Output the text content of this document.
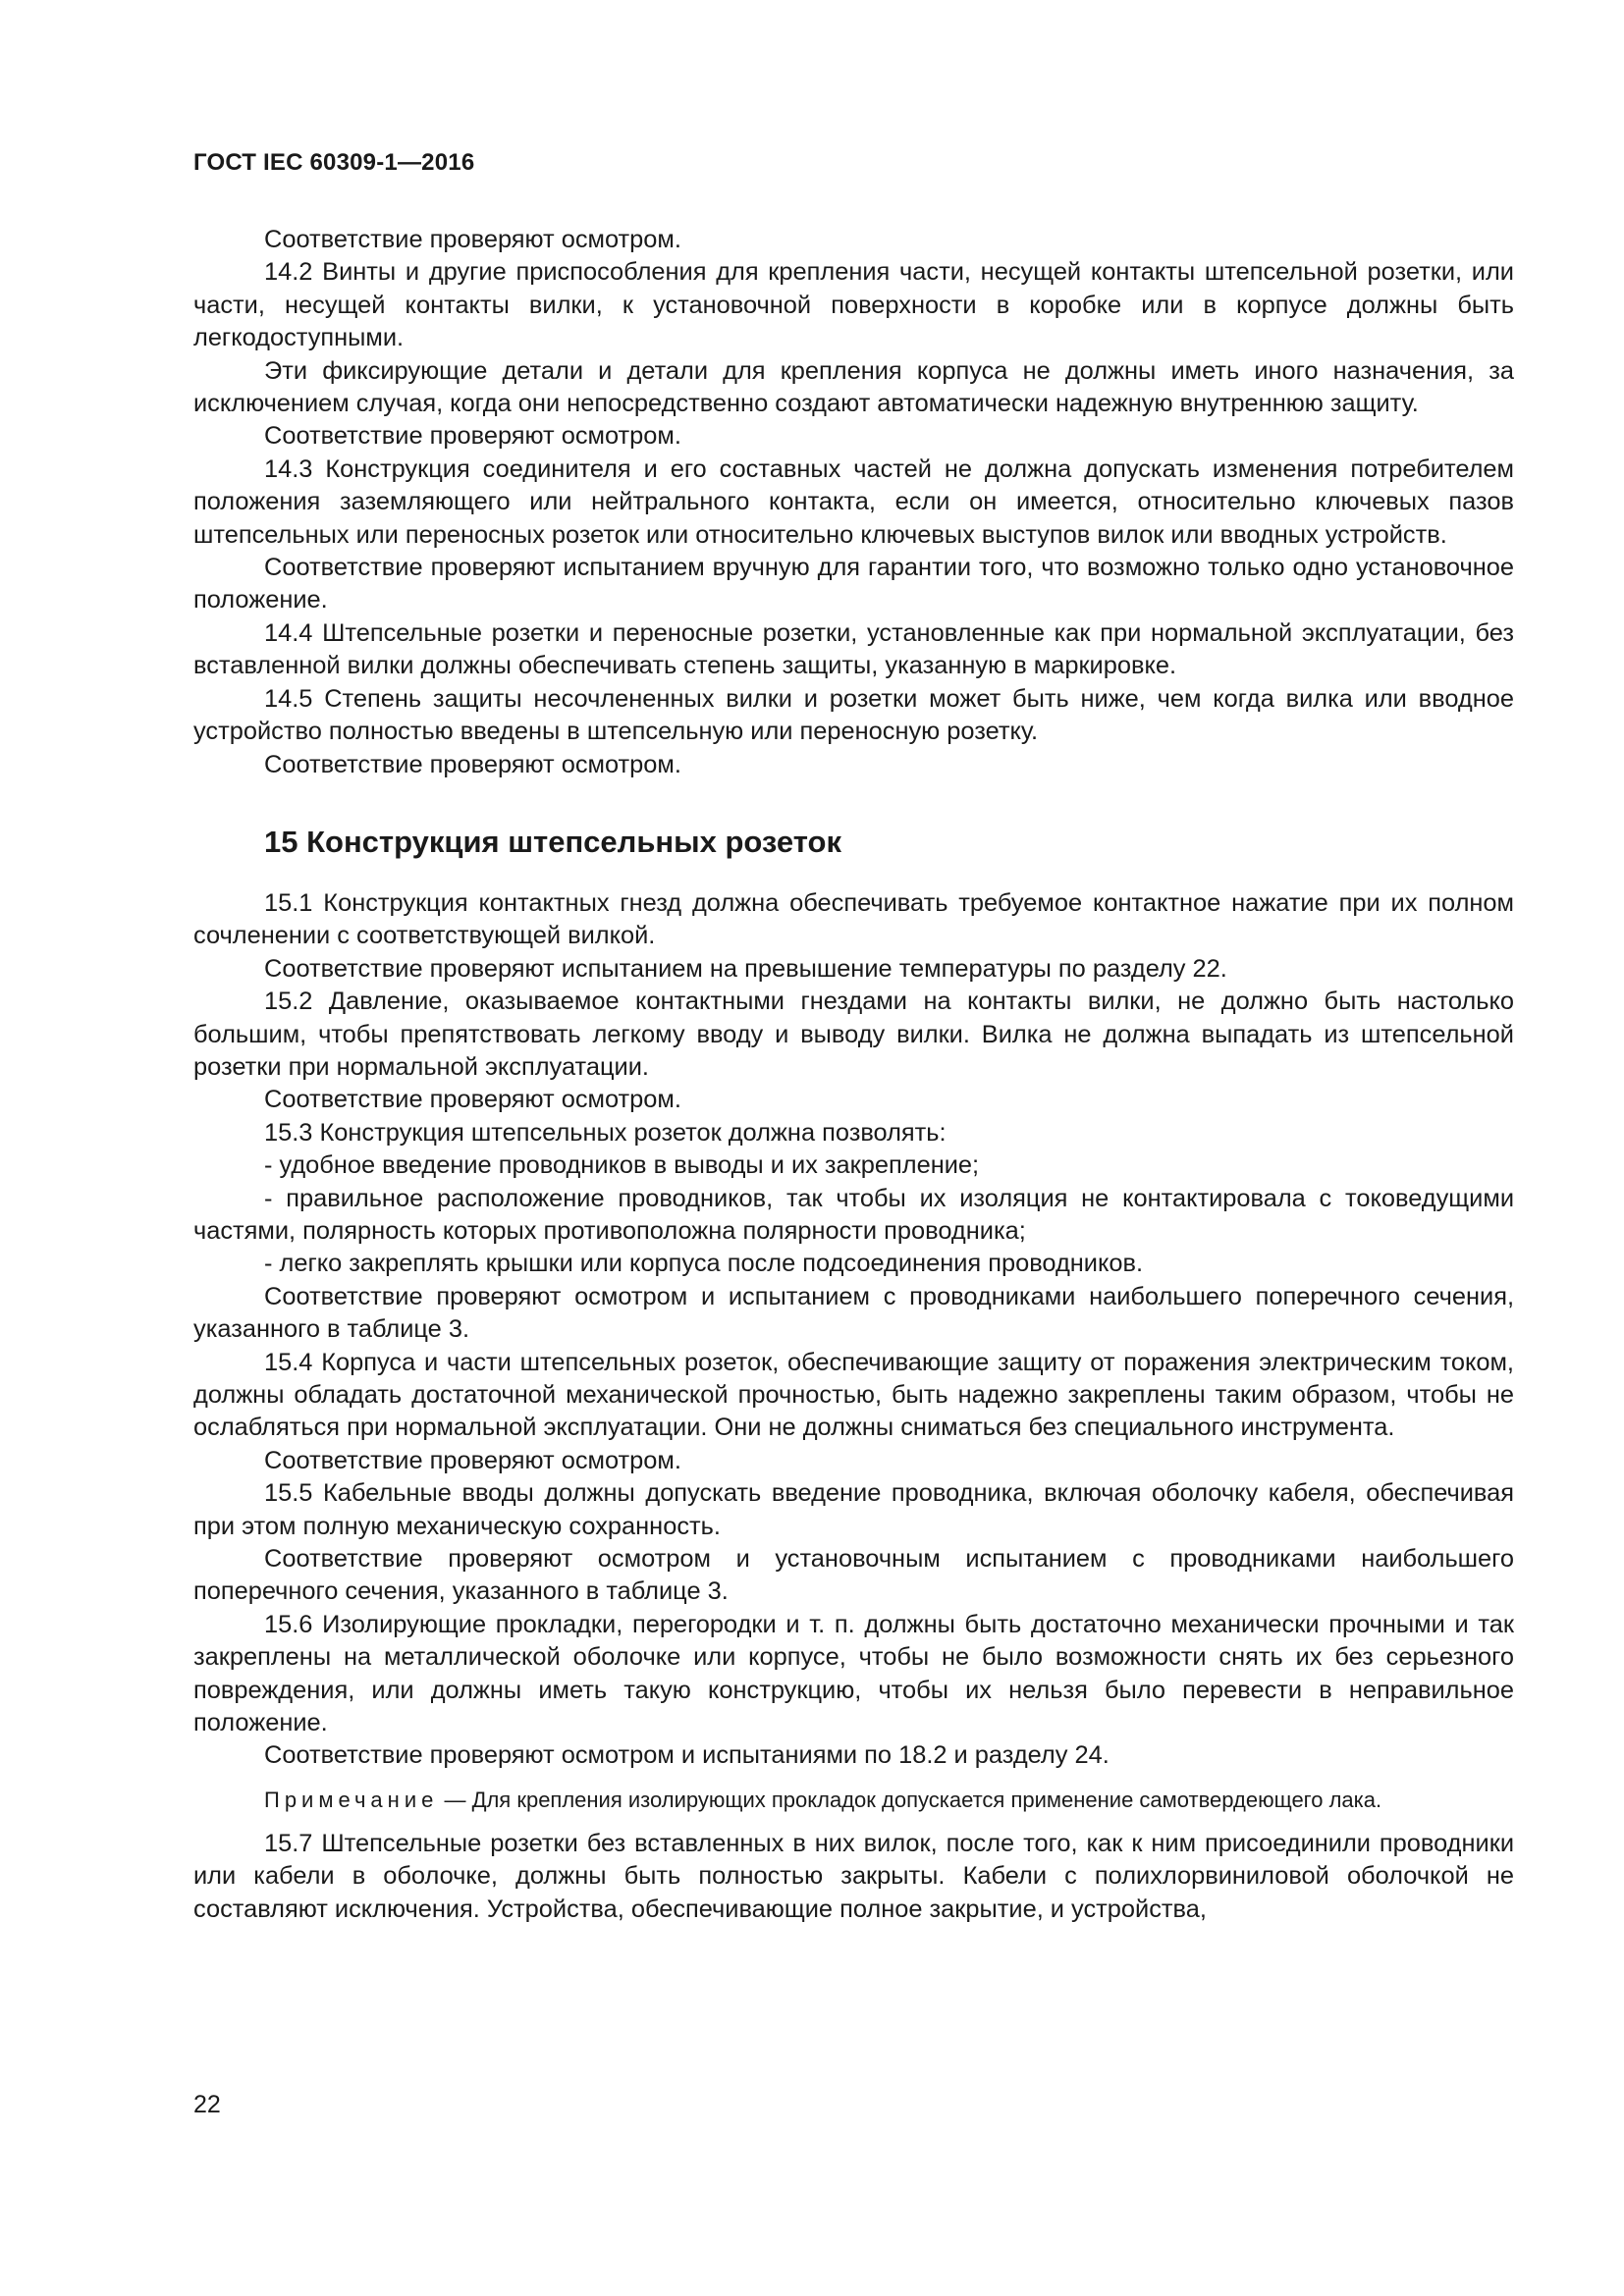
ГОСТ IEC 60309-1—2016

Соответствие проверяют осмотром.

14.2 Винты и другие приспособления для крепления части, несущей контакты штепсельной розетки, или части, несущей контакты вилки, к установочной поверхности в коробке или в корпусе должны быть легкодоступными.

Эти фиксирующие детали и детали для крепления корпуса не должны иметь иного назначения, за исключением случая, когда они непосредственно создают автоматически надежную внутреннюю защиту.

Соответствие проверяют осмотром.

14.3 Конструкция соединителя и его составных частей не должна допускать изменения потребителем положения заземляющего или нейтрального контакта, если он имеется, относительно ключевых пазов штепсельных или переносных розеток или относительно ключевых выступов вилок или вводных устройств.

Соответствие проверяют испытанием вручную для гарантии того, что возможно только одно установочное положение.

14.4 Штепсельные розетки и переносные розетки, установленные как при нормальной эксплуатации, без вставленной вилки должны обеспечивать степень защиты, указанную в маркировке.

14.5 Степень защиты несочлененных вилки и розетки может быть ниже, чем когда вилка или вводное устройство полностью введены в штепсельную или переносную розетку.

Соответствие проверяют осмотром.

15 Конструкция штепсельных розеток

15.1 Конструкция контактных гнезд должна обеспечивать требуемое контактное нажатие при их полном сочленении с соответствующей вилкой.

Соответствие проверяют испытанием на превышение температуры по разделу 22.

15.2 Давление, оказываемое контактными гнездами на контакты вилки, не должно быть настолько большим, чтобы препятствовать легкому вводу и выводу вилки. Вилка не должна выпадать из штепсельной розетки при нормальной эксплуатации.

Соответствие проверяют осмотром.

15.3 Конструкция штепсельных розеток должна позволять:

- удобное введение проводников в выводы и их закрепление;

- правильное расположение проводников, так чтобы их изоляция не контактировала с токоведущими частями, полярность которых противоположна полярности проводника;

- легко закреплять крышки или корпуса после подсоединения проводников.

Соответствие проверяют осмотром и испытанием с проводниками наибольшего поперечного сечения, указанного в таблице 3.

15.4 Корпуса и части штепсельных розеток, обеспечивающие защиту от поражения электрическим током, должны обладать достаточной механической прочностью, быть надежно закреплены таким образом, чтобы не ослабляться при нормальной эксплуатации. Они не должны сниматься без специального инструмента.

Соответствие проверяют осмотром.

15.5 Кабельные вводы должны допускать введение проводника, включая оболочку кабеля, обеспечивая при этом полную механическую сохранность.

Соответствие проверяют осмотром и установочным испытанием с проводниками наибольшего поперечного сечения, указанного в таблице 3.

15.6 Изолирующие прокладки, перегородки и т. п. должны быть достаточно механически прочными и так закреплены на металлической оболочке или корпусе, чтобы не было возможности снять их без серьезного повреждения, или должны иметь такую конструкцию, чтобы их нельзя было перевести в неправильное положение.

Соответствие проверяют осмотром и испытаниями по 18.2 и разделу 24.

Примечание — Для крепления изолирующих прокладок допускается применение самотвердеющего лака.

15.7 Штепсельные розетки без вставленных в них вилок, после того, как к ним присоединили проводники или кабели в оболочке, должны быть полностью закрыты. Кабели с полихлорвиниловой оболочкой не составляют исключения. Устройства, обеспечивающие полное закрытие, и устройства,

22
